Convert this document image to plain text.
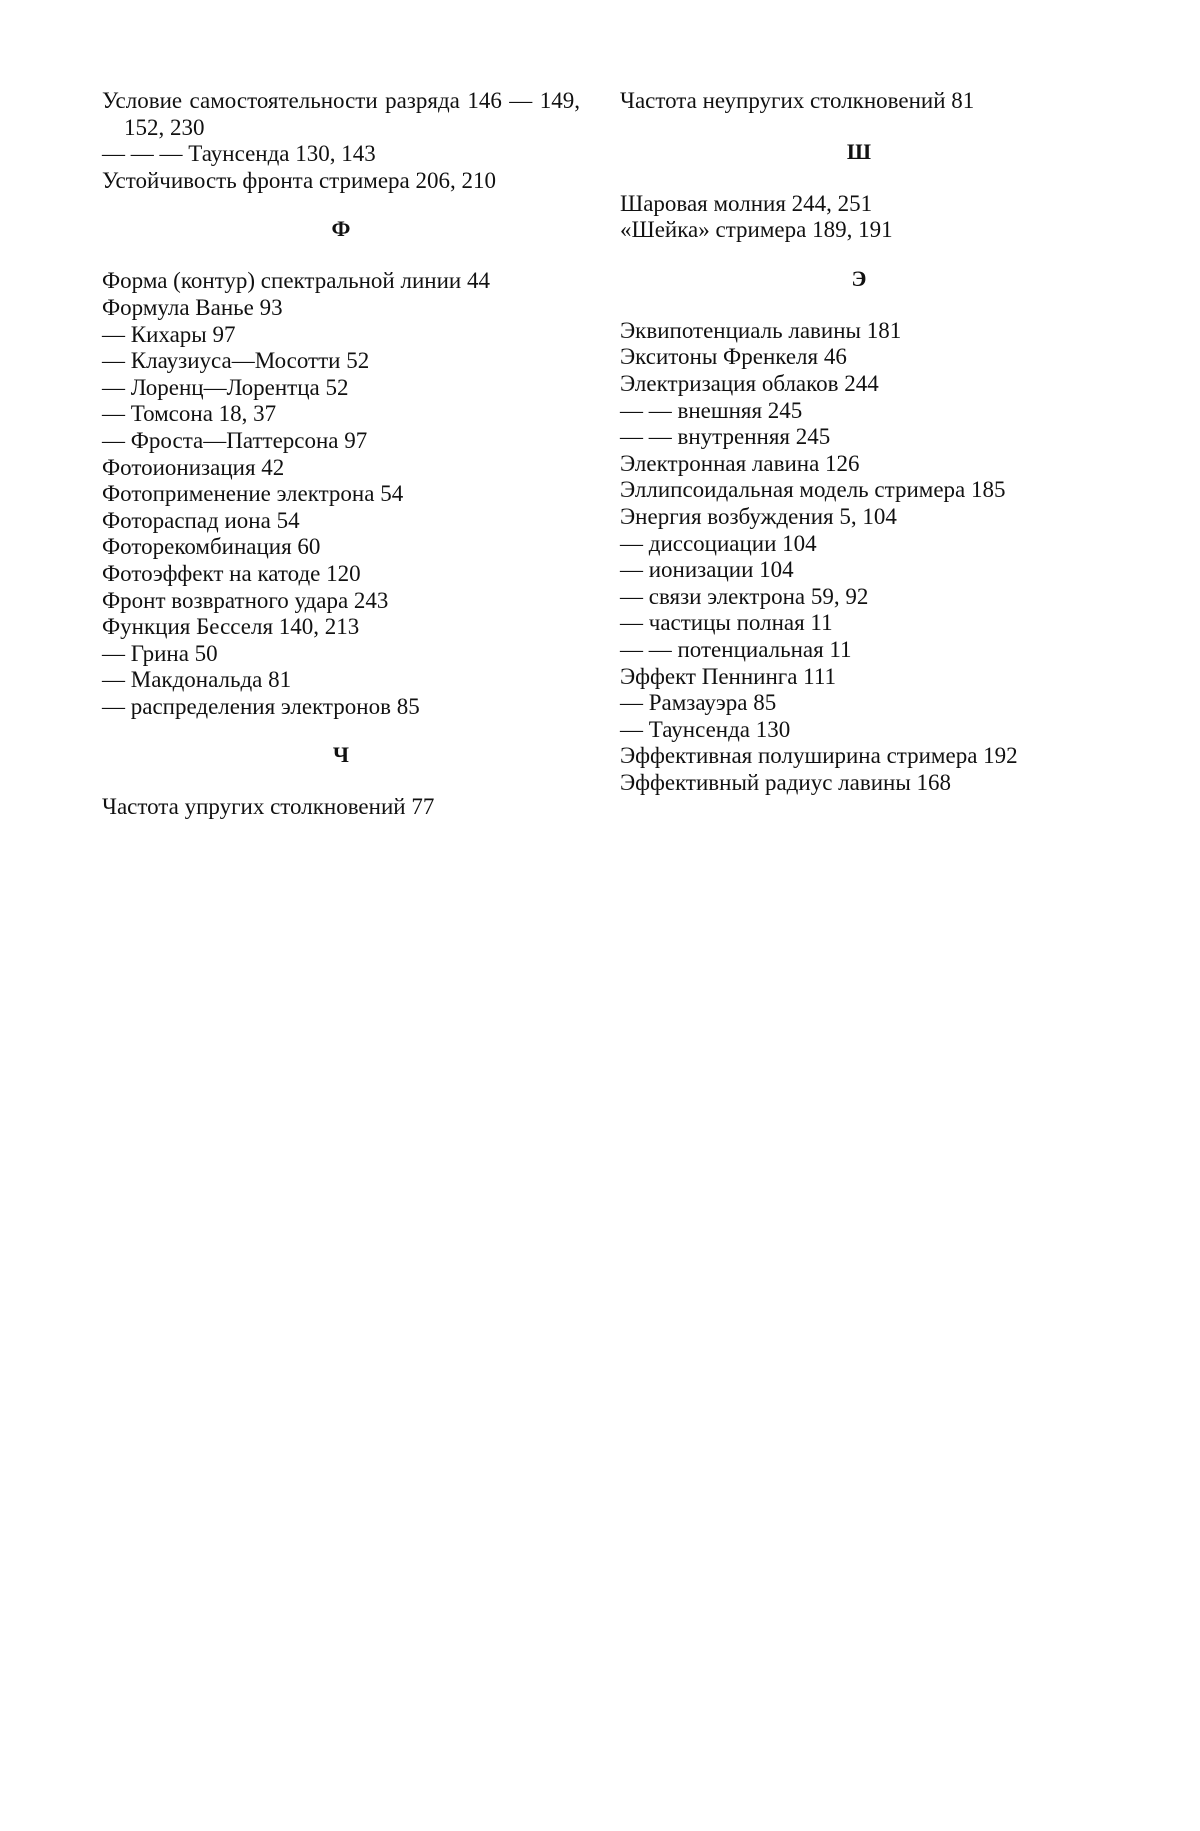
Условие самостоятельности разряда 146 — 149, 152, 230

— — — Таунсенда 130, 143

Устойчивость фронта стримера 206, 210

Ф

Форма (контур) спектральной линии 44

Формула Ванье 93

— Кихары 97

— Клаузиуса—Мосотти 52

— Лоренц—Лорентца 52

— Томсона 18, 37

— Фроста—Паттерсона 97

Фотоионизация 42

Фотоприменение электрона 54

Фотораспад иона 54

Фоторекомбинация 60

Фотоэффект на катоде 120

Фронт возвратного удара 243

Функция Бесселя 140, 213

— Грина 50

— Макдональда 81

— распределения электронов 85

Ч

Частота упругих столкновений 77

Частота неупругих столкновений 81

Ш

Шаровая молния 244, 251

«Шейка» стримера 189, 191

Э

Эквипотенциаль лавины 181

Экситоны Френкеля 46

Электризация облаков 244

— — внешняя 245

— — внутренняя 245

Электронная лавина 126

Эллипсоидальная модель стримера 185

Энергия возбуждения 5, 104

— диссоциации 104

— ионизации 104

— связи электрона 59, 92

— частицы полная 11

— — потенциальная 11

Эффект Пеннинга 111

— Рамзауэра 85

— Таунсенда 130

Эффективная полуширина стримера 192

Эффективный радиус лавины 168
